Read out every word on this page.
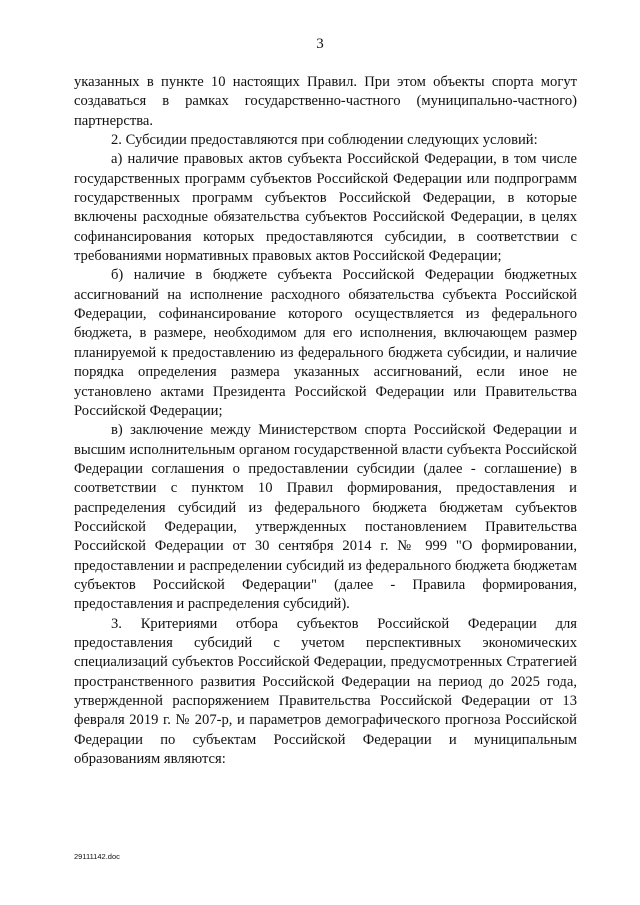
3

указанных в пункте 10 настоящих Правил. При этом объекты спорта могут создаваться в рамках государственно-частного (муниципально-частного) партнерства.

2. Субсидии предоставляются при соблюдении следующих условий:

а) наличие правовых актов субъекта Российской Федерации, в том числе государственных программ субъектов Российской Федерации или подпрограмм государственных программ субъектов Российской Федерации, в которые включены расходные обязательства субъектов Российской Федерации, в целях софинансирования которых предоставляются субсидии, в соответствии с требованиями нормативных правовых актов Российской Федерации;

б) наличие в бюджете субъекта Российской Федерации бюджетных ассигнований на исполнение расходного обязательства субъекта Российской Федерации, софинансирование которого осуществляется из федерального бюджета, в размере, необходимом для его исполнения, включающем размер планируемой к предоставлению из федерального бюджета субсидии, и наличие порядка определения размера указанных ассигнований, если иное не установлено актами Президента Российской Федерации или Правительства Российской Федерации;

в) заключение между Министерством спорта Российской Федерации и высшим исполнительным органом государственной власти субъекта Российской Федерации соглашения о предоставлении субсидии (далее - соглашение) в соответствии с пунктом 10 Правил формирования, предоставления и распределения субсидий из федерального бюджета бюджетам субъектов Российской Федерации, утвержденных постановлением Правительства Российской Федерации от 30 сентября 2014 г. № 999 "О формировании, предоставлении и распределении субсидий из федерального бюджета бюджетам субъектов Российской Федерации" (далее - Правила формирования, предоставления и распределения субсидий).

3. Критериями отбора субъектов Российской Федерации для предоставления субсидий с учетом перспективных экономических специализаций субъектов Российской Федерации, предусмотренных Стратегией пространственного развития Российской Федерации на период до 2025 года, утвержденной распоряжением Правительства Российской Федерации от 13 февраля 2019 г. № 207-р, и параметров демографического прогноза Российской Федерации по субъектам Российской Федерации и муниципальным образованиям являются:

29111142.doc
